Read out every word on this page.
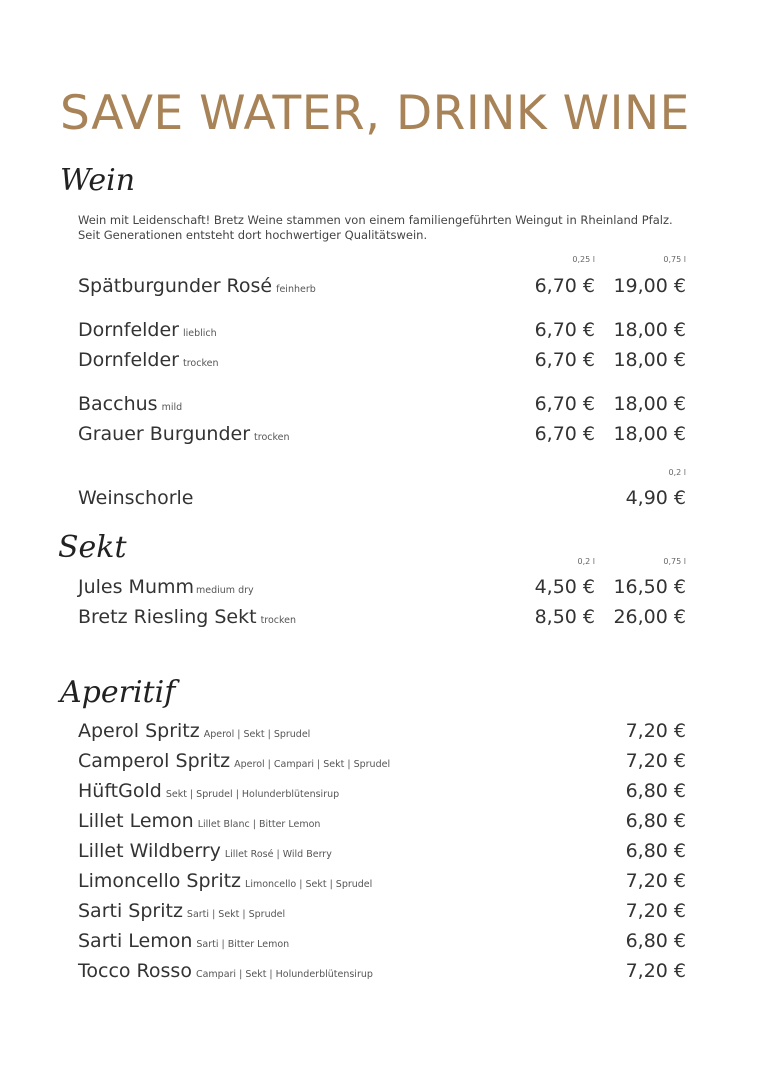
SAVE WATER, DRINK WINE
Wein
Wein mit Leidenschaft! Bretz Weine stammen von einem familiengeführten Weingut in Rheinland Pfalz.
Seit Generationen entsteht dort hochwertiger Qualitätswein.
0,25 l	0,75 l
Spätburgunder Rosé feinherb	6,70 € 19,00 €
Dornfelder lieblich	6,70 € 18,00 €
Dornfelder trocken	6,70 € 18,00 €
Bacchus mild	6,70 € 18,00 €
Grauer Burgunder trocken	6,70 € 18,00 €
0,2 l
Weinschorle	4,90 €
Sekt	0,2 l	0,75 l
Jules Mumm medium dry	4,50 € 16,50 €
Bretz Riesling Sekt trocken	8,50 € 26,00 €
Aperitif
Aperol Spritz Aperol | Sekt | Sprudel	7,20 €
Camperol Spritz Aperol | Campari | Sekt | Sprudel	7,20 €
HüftGold Sekt | Sprudel | Holunderblütensirup	6,80 €
Lillet Lemon Lillet Blanc | Bitter Lemon	6,80 €
Lillet Wildberry Lillet Rosé | Wild Berry	6,80 €
Limoncello Spritz Limoncello | Sekt | Sprudel	7,20 €
Sarti Spritz Sarti | Sekt | Sprudel	7,20 €
Sarti Lemon Sarti | Bitter Lemon	6,80 €
Tocco Rosso Campari | Sekt | Holunderblütensirup	7,20 €
